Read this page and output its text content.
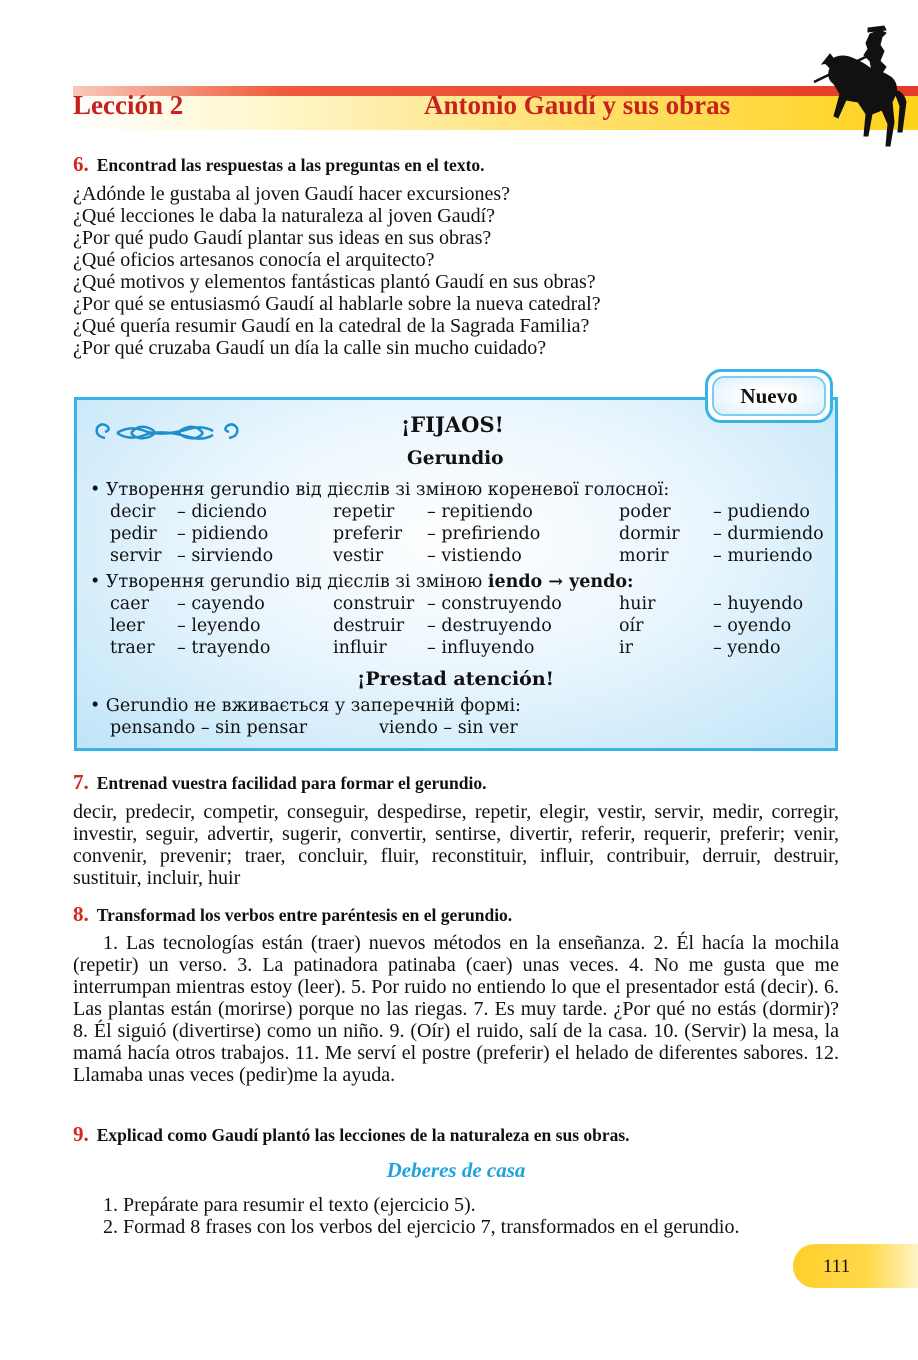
Lección 2	Antonio Gaudí y sus obras
6. Encontrad las respuestas a las preguntas en el texto.
¿Adónde le gustaba al joven Gaudí hacer excursiones?
¿Qué lecciones le daba la naturaleza al joven Gaudí?
¿Por qué pudo Gaudí plantar sus ideas en sus obras?
¿Qué oficios artesanos conocía el arquitecto?
¿Qué motivos y elementos fantásticas plantó Gaudí en sus obras?
¿Por qué se entusiasmó Gaudí al hablarle sobre la nueva catedral?
¿Qué quería resumir Gaudí en la catedral de la Sagrada Familia?
¿Por qué cruzaba Gaudí un día la calle sin mucho cuidado?
¡FIJAOS!
Gerundio
• Утворення gerundio від дієслів зі зміною кореневої голосної:
decir – diciendo	repetir – repitiendo	poder – pudiendo
pedir – pidiendo	preferir – prefiriendo	dormir – durmiendo
servir – sirviendo	vestir	– vistiendo	morir	– muriendo
• Утворення gerundio від дієслів зі зміною iendo → yendo:
caer – cayendo	construir – construyendo	huir	– huyendo
leer – leyendo	destruir – destruyendo	oír	– oyendo
traer – trayendo	influir – influyendo	ir	– yendo
¡Prestad atención!
• Gerundio не вживається у заперечній формі:
pensando – sin pensar	viendo – sin ver
Nuevo
7. Entrenad vuestra facilidad para formar el gerundio.
decir, predecir, competir, conseguir, despedirse, repetir, elegir, vestir, servir, medir, corregir, investir, seguir, advertir, sugerir, convertir, sentirse, divertir, referir, requerir, preferir; venir, convenir, prevenir; traer, concluir, fluir, reconstituir, influir, contribuir, derruir, destruir, sustituir, incluir, huir
8. Transformad los verbos entre paréntesis en el gerundio.
1. Las tecnologías están (traer) nuevos métodos en la enseñanza. 2. Él hacía la mochila (repetir) un verso. 3. La patinadora patinaba (caer) unas veces. 4. No me gusta que me interrumpan mientras estoy (leer). 5. Por ruido no entiendo lo que el presentador está (decir). 6. Las plantas están (morirse) porque no las riegas. 7. Es muy tarde. ¿Por qué no estás (dormir)? 8. Él siguió (divertirse) como un niño. 9. (Oír) el ruido, salí de la casa. 10. (Servir) la mesa, la mamá hacía otros trabajos. 11. Me serví el postre (preferir) el helado de diferentes sabores. 12. Llamaba unas veces (pedir)me la ayuda.
9. Explicad como Gaudí plantó las lecciones de la naturaleza en sus obras.
Deberes de casa
1. Prepárate para resumir el texto (ejercicio 5).
2. Formad 8 frases con los verbos del ejercicio 7, transformados en el gerundio.
111
